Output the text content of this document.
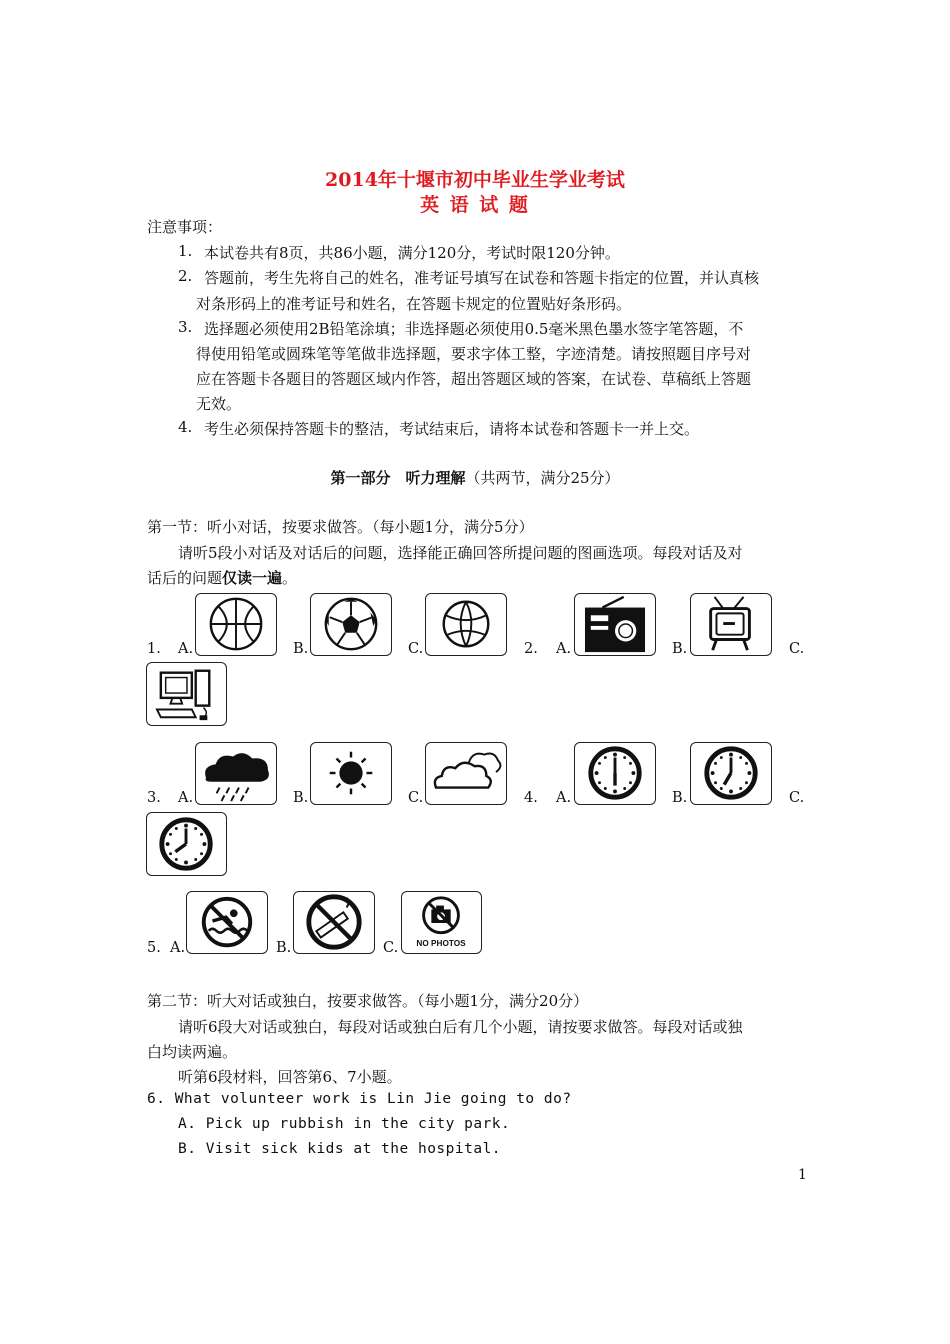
2014年十堰市初中毕业生学业考试
英 语 试 题
注意事项：
1. 本试卷共有8页，共86小题，满分120分，考试时限120分钟。
2. 答题前，考生先将自己的姓名，准考证号填写在试卷和答题卡指定的位置，并认真核
对条形码上的准考证号和姓名，在答题卡规定的位置贴好条形码。
3. 选择题必须使用2B铅笔涂填；非选择题必须使用0.5毫米黑色墨水签字笔答题，不
得使用铅笔或圆珠笔等笔做非选择题，要求字体工整，字迹清楚。请按照题目序号对
应在答题卡各题目的答题区域内作答，超出答题区域的答案，在试卷、草稿纸上答题
无效。
4. 考生必须保持答题卡的整洁，考试结束后，请将本试卷和答题卡一并上交。
第一部分　听力理解（共两节，满分25分）
第一节：听小对话，按要求做答。（每小题1分，满分5分）
请听5段小对话及对话后的问题，选择能正确回答所提问题的图画选项。每段对话及对
话后的问题仅读一遍。
1. A.	B.	C.	2. A.	B.	C.
3. A.	B.	C.	4. A.	B.	C.
5. A.	B.	C. NO PHOTOS
第二节：听大对话或独白，按要求做答。（每小题1分，满分20分）
请听6段大对话或独白，每段对话或独白后有几个小题，请按要求做答。每段对话或独
白均读两遍。
听第6段材料，回答第6、7小题。
6. What volunteer work is Lin Jie going to do?
A. Pick up rubbish in the city park.
B. Visit sick kids at the hospital.
1
